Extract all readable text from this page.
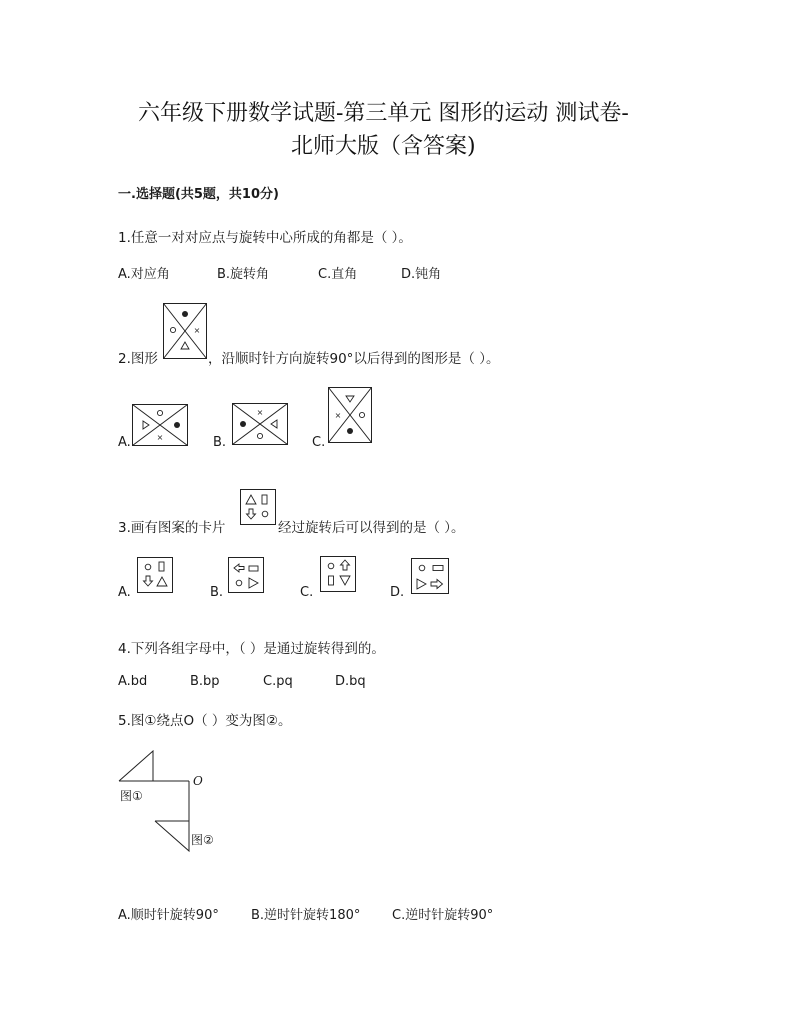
六年级下册数学试题-第三单元 图形的运动 测试卷-
北师大版（含答案)
一.选择题(共5题，共10分)
1.任意一对对应点与旋转中心所成的角都是（ ）。
A.对应角	B.旋转角	C.直角	D.钝角
2.图形
×
，沿顺时针方向旋转90°以后得到的图形是（ ）。
A.	×	B.
×
C.
×
3.画有图案的卡片	经过旋转后可以得到的是（ ）。
A.	B.	C.	D.
4.下列各组字母中，（ ）是通过旋转得到的。
A.bd	B.bp	C.pq	D.bq
5.图①绕点O（ ）变为图②。
图①
O
图②
A.顺时针旋转90° B.逆时针旋转180° C.逆时针旋转90°
